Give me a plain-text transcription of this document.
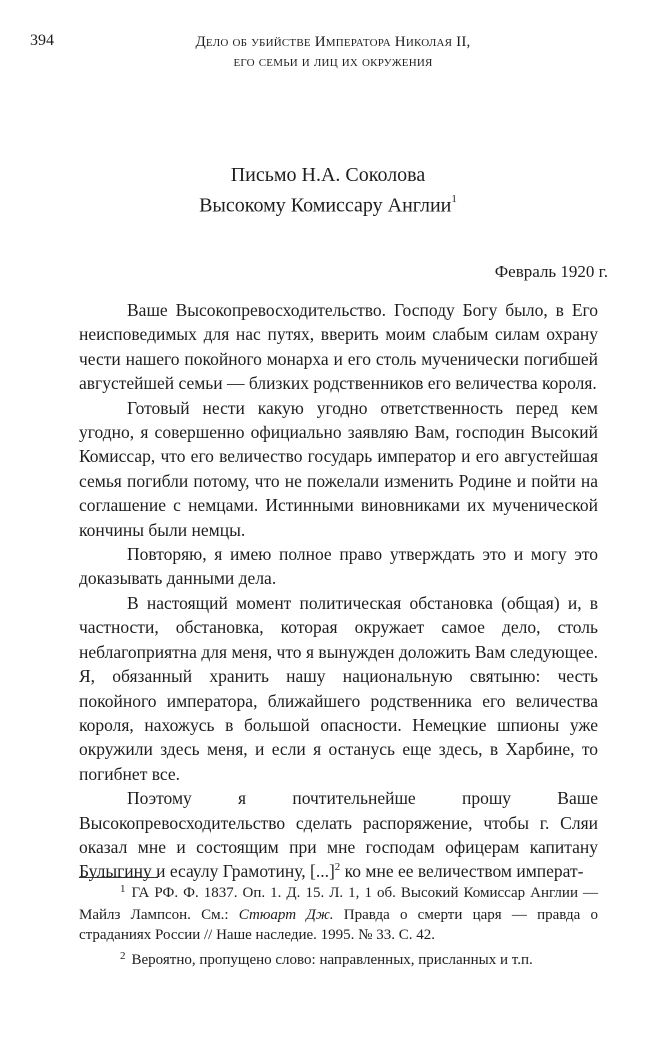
394	Дело об убийстве Императора Николая II,
его семьи и лиц их окружения
Письмо Н.А. Соколова
Высокому Комиссару Англии$^1$
Февраль 1920 г.

Ваше Высокопревосходительство. Господу Богу было, в Его неисповедимых для нас путях, вверить моим слабым силам охрану чести нашего покойного монарха и его столь мученически погибшей августейшей семьи — близких родственников его величества короля.

Готовый нести какую угодно ответственность перед кем угодно, я совершенно официально заявляю Вам, господин Высокий Комиссар, что его величество государь император и его августейшая семья погибли потому, что не пожелали изменить Родине и пойти на соглашение с немцами. Истинными виновниками их мученической кончины были немцы.

Повторяю, я имею полное право утверждать это и могу это доказывать данными дела.

В настоящий момент политическая обстановка (общая) и, в частности, обстановка, которая окружает самое дело, столь неблагоприятна для меня, что я вынужден доложить Вам следующее. Я, обязанный хранить нашу национальную святыню: честь покойного императора, ближайшего родственника его величества короля, нахожусь в большой опасности. Немецкие шпионы уже окружили здесь меня, и если я останусь еще здесь, в Харбине, то погибнет все.

Поэтому я почтительнейше прошу Ваше Высокопревосходительство сделать распоряжение, чтобы г. Сляи оказал мне и состоящим при мне господам офицерам капитану Булыгину и есаулу Грамотину, [...]$^2$ ко мне ее величеством императ-

$^1$ ГА РФ. Ф. 1837. Оп. 1. Д. 15. Л. 1, 1 об. Высокий Комиссар Англии — Майлз Лампсон. См.: Стюарт Дж. Правда о смерти царя — правда о страданиях России // Наше наследие. 1995. № 33. С. 42.

$^2$ Вероятно, пропущено слово: направленных, присланных и т.п.
